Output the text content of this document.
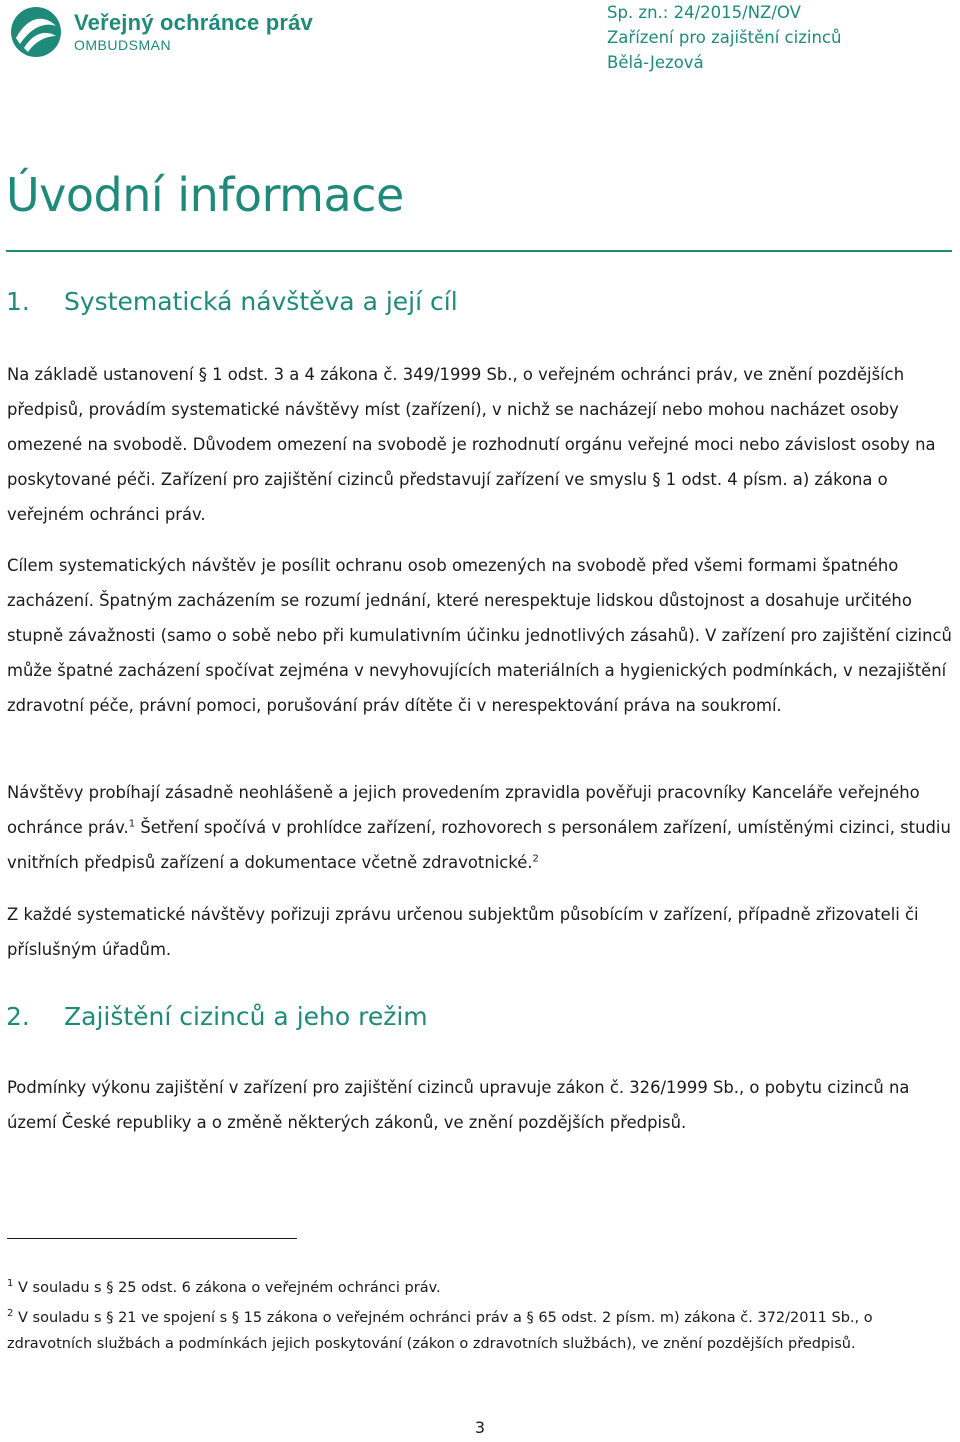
Veřejný ochránce práv
OMBUDSMAN
Sp. zn.: 24/2015/NZ/OV
Zařízení pro zajištění cizinců
Bělá-Jezová
Úvodní informace
1. Systematická návštěva a její cíl

Na základě ustanovení § 1 odst. 3 a 4 zákona č. 349/1999 Sb., o veřejném ochránci práv, ve znění pozdějších předpisů, provádím systematické návštěvy míst (zařízení), v nichž se nacházejí nebo mohou nacházet osoby omezené na svobodě. Důvodem omezení na svobodě je rozhodnutí orgánu veřejné moci nebo závislost osoby na poskytované péči. Zařízení pro zajištění cizinců představují zařízení ve smyslu § 1 odst. 4 písm. a) zákona o veřejném ochránci práv.

Cílem systematických návštěv je posílit ochranu osob omezených na svobodě před všemi formami špatného zacházení. Špatným zacházením se rozumí jednání, které nerespektuje lidskou důstojnost a dosahuje určitého stupně závažnosti (samo o sobě nebo při kumulativním účinku jednotlivých zásahů). V zařízení pro zajištění cizinců může špatné zacházení spočívat zejména v nevyhovujících materiálních a hygienických podmínkách, v nezajištění zdravotní péče, právní pomoci, porušování práv dítěte či v nerespektování práva na soukromí.

Návštěvy probíhají zásadně neohlášeně a jejich provedením zpravidla pověřuji pracovníky Kanceláře veřejného ochránce práv.$^1$ Šetření spočívá v prohlídce zařízení, rozhovorech s personálem zařízení, umístěnými cizinci, studiu vnitřních předpisů zařízení a dokumentace včetně zdravotnické.$^2$

Z každé systematické návštěvy pořizuji zprávu určenou subjektům působícím v zařízení, případně zřizovateli či příslušným úřadům.

2. Zajištění cizinců a jeho režim

Podmínky výkonu zajištění v zařízení pro zajištění cizinců upravuje zákon č. 326/1999 Sb., o pobytu cizinců na území České republiky a o změně některých zákonů, ve znění pozdějších předpisů.

$^1$ V souladu s § 25 odst. 6 zákona o veřejném ochránci práv.

$^2$ V souladu s § 21 ve spojení s § 15 zákona o veřejném ochránci práv a § 65 odst. 2 písm. m) zákona č. 372/2011 Sb., o zdravotních službách a podmínkách jejich poskytování (zákon o zdravotních službách), ve znění pozdějších předpisů.

3
